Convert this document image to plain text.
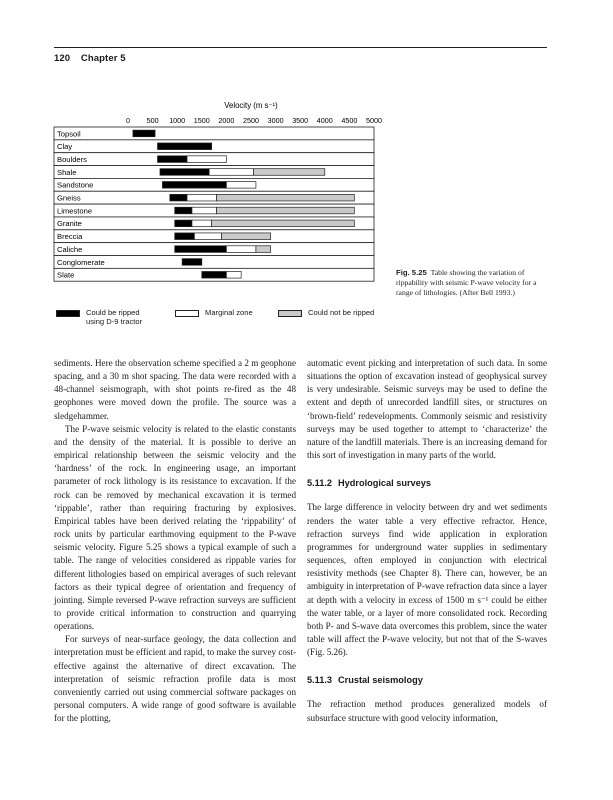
120 Chapter 5
Velocity (m s⁻¹)
0 500 1000 1500 2000 2500 3000 3500 4000 4500 5000
Topsoil
Clay
Boulders
Shale
Sandstone
Gneiss
Limestone
Granite
Breccia
Caliche
Conglomerate
Slate
Could be ripped
using D-9 tractor
Marginal zone	Could not be ripped
Fig. 5.25 Table showing the variation of rippability with seismic P-wave velocity for a range of lithologies. (After Bell 1993.)

sediments. Here the observation scheme specified a 2 m geophone spacing, and a 30 m shot spacing. The data were recorded with a 48-channel seismograph, with shot points re-fired as the 48 geophones were moved down the profile. The source was a sledgehammer.

The P-wave seismic velocity is related to the elastic constants and the density of the material. It is possible to derive an empirical relationship between the seismic velocity and the ‘hardness’ of the rock. In engineering usage, an important parameter of rock lithology is its resistance to excavation. If the rock can be removed by mechanical excavation it is termed ‘rippable’, rather than requiring fracturing by explosives. Empirical tables have been derived relating the ‘rippability’ of rock units by particular earthmoving equipment to the P-wave seismic velocity. Figure 5.25 shows a typical example of such a table. The range of velocities considered as rippable varies for different lithologies based on empirical averages of such relevant factors as their typical degree of orientation and frequency of jointing. Simple reversed P-wave refraction surveys are sufficient to provide critical information to construction and quarrying operations.

For surveys of near-surface geology, the data collection and interpretation must be efficient and rapid, to make the survey cost-effective against the alternative of direct excavation. The interpretation of seismic refraction profile data is most conveniently carried out using commercial software packages on personal computers. A wide range of good software is available for the plotting,

automatic event picking and interpretation of such data. In some situations the option of excavation instead of geophysical survey is very undesirable. Seismic surveys may be used to define the extent and depth of unrecorded landfill sites, or structures on ‘brown-field’ redevelopments. Commonly seismic and resistivity surveys may be used together to attempt to ‘characterize’ the nature of the landfill materials. There is an increasing demand for this sort of investigation in many parts of the world.

5.11.2 Hydrological surveys

The large difference in velocity between dry and wet sediments renders the water table a very effective refractor. Hence, refraction surveys find wide application in exploration programmes for underground water supplies in sedimentary sequences, often employed in conjunction with electrical resistivity methods (see Chapter 8). There can, however, be an ambiguity in interpretation of P-wave refraction data since a layer at depth with a velocity in excess of 1500 m s⁻¹ could be either the water table, or a layer of more consolidated rock. Recording both P- and S-wave data overcomes this problem, since the water table will affect the P-wave velocity, but not that of the S-waves (Fig. 5.26).

5.11.3 Crustal seismology

The refraction method produces generalized models of subsurface structure with good velocity information,
